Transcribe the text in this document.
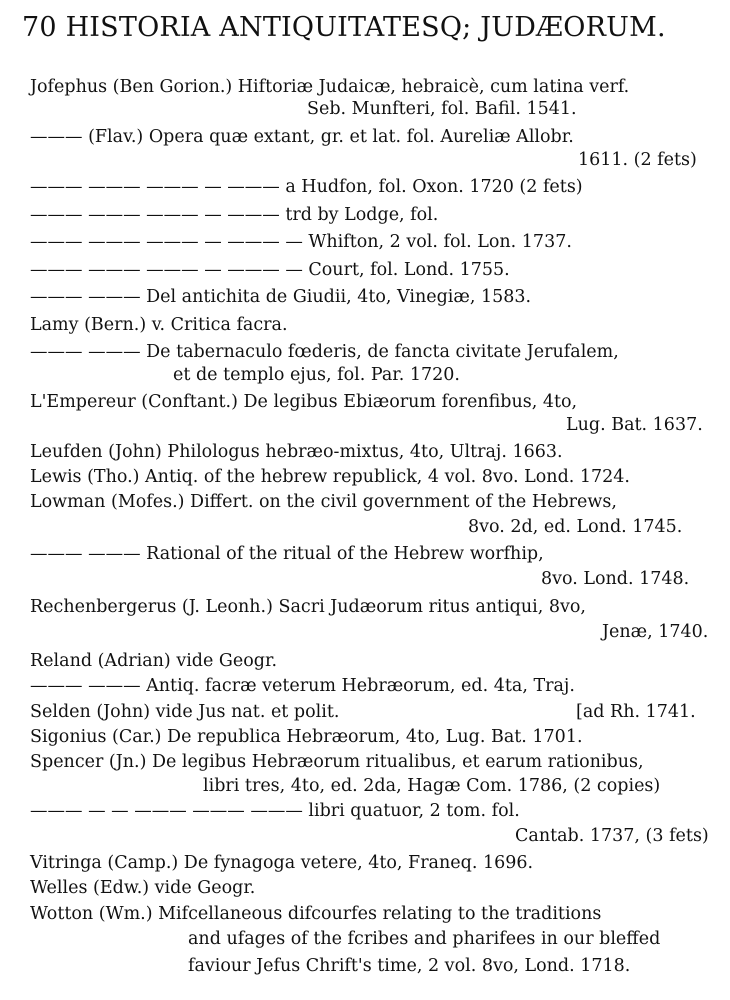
70 HISTORIA ANTIQUITATESQ; JUDÆORUM.
Jofephus (Ben Gorion.) Hiftoriæ Judaicæ, hebraicè, cum latina verf.
Seb. Munfteri, fol. Bafil. 1541.
——— (Flav.) Opera quæ extant, gr. et lat. fol. Aureliæ Allobr.
1611. (2 fets)
——— ——— ——— — ——— a Hudfon, fol. Oxon. 1720 (2 fets)
——— ——— ——— — ——— trd by Lodge, fol.
——— ——— ——— — ——— — Whifton, 2 vol. fol. Lon. 1737.
——— ——— ——— — ——— — Court, fol. Lond. 1755.
——— ——— Del antichita de Giudii, 4to, Vinegiæ, 1583.
Lamy (Bern.) v. Critica facra.
——— ——— De tabernaculo fœderis, de fancta civitate Jerufalem,
et de templo ejus, fol. Par. 1720.
L'Empereur (Conftant.) De legibus Ebiæorum forenfibus, 4to,
Lug. Bat. 1637.
Leufden (John) Philologus hebræo-mixtus, 4to, Ultraj. 1663.
Lewis (Tho.) Antiq. of the hebrew republick, 4 vol. 8vo. Lond. 1724.
Lowman (Mofes.) Differt. on the civil government of the Hebrews,
8vo. 2d, ed. Lond. 1745.
——— ——— Rational of the ritual of the Hebrew worfhip,
8vo. Lond. 1748.
Rechenbergerus (J. Leonh.) Sacri Judæorum ritus antiqui, 8vo,
Jenæ, 1740.
Reland (Adrian) vide Geogr.
——— ——— Antiq. facræ veterum Hebræorum, ed. 4ta, Traj.
Selden (John) vide Jus nat. et polit.	[ad Rh. 1741.
Sigonius (Car.) De republica Hebræorum, 4to, Lug. Bat. 1701.
Spencer (Jn.) De legibus Hebræorum ritualibus, et earum rationibus,
libri tres, 4to, ed. 2da, Hagæ Com. 1786, (2 copies)
——— — — ——— ——— ——— libri quatuor, 2 tom. fol.
Cantab. 1737, (3 fets)
Vitringa (Camp.) De fynagoga vetere, 4to, Franeq. 1696.
Welles (Edw.) vide Geogr.
Wotton (Wm.) Mifcellaneous difcourfes relating to the traditions
and ufages of the fcribes and pharifees in our bleffed
faviour Jefus Chrift's time, 2 vol. 8vo, Lond. 1718.
